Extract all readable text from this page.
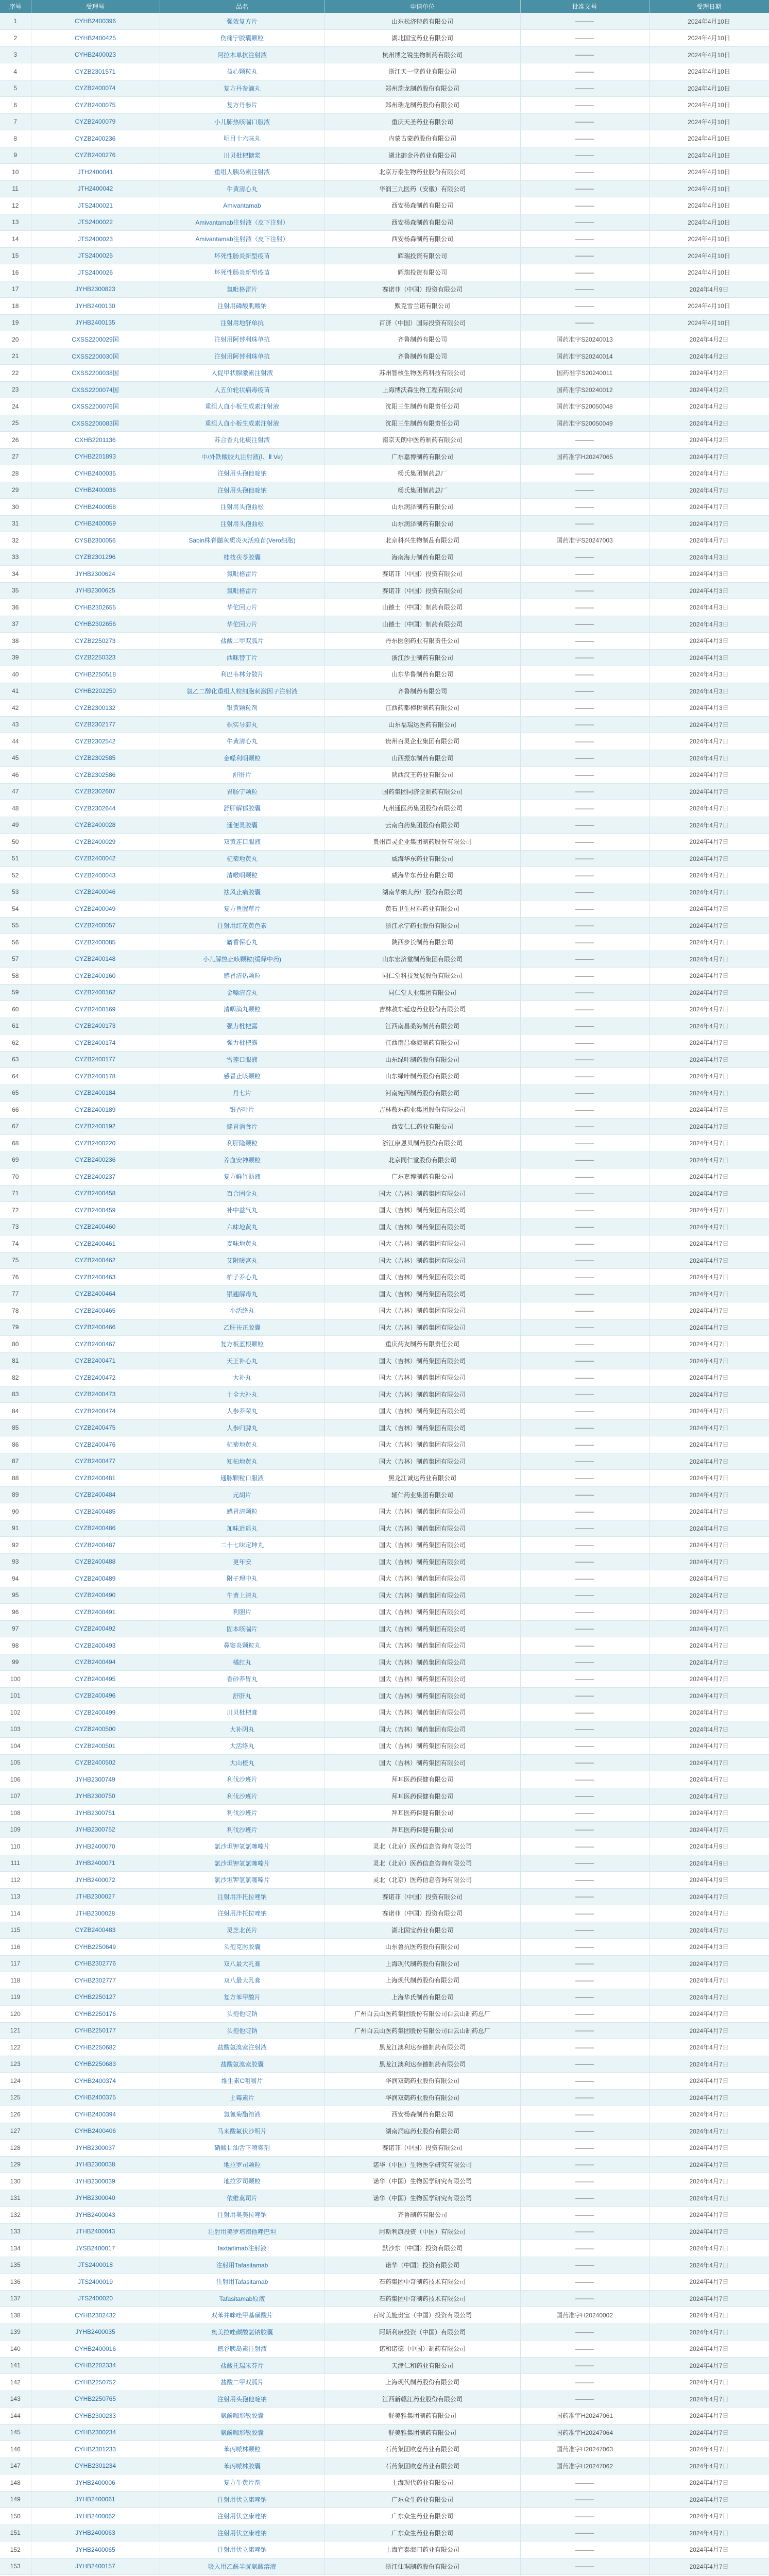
序号	受理号	品名	申请单位	批准文号	受理日期
1	CYHB2400396	强效复方片	山东松济特药有限公司	———	2024年4月10日
2	CYHB2400425	伤痛宁胶囊颗粒	湖北国宝药业有限公司	———	2024年4月10日
3	CYHB2400023	阿拉木单抗注射液	杭州博之锐生物制药有限公司	———	2024年4月10日
4	CYZB2301571	益心颗粒丸	浙江天一堂药业有限公司	———	2024年4月10日
5	CYZB2400074	复方丹参滴丸	郑州瑞龙制药股份有限公司	———	2024年4月10日
6	CYZB2400075	复方丹参片	郑州瑞龙制药股份有限公司	———	2024年4月10日
7	CYZB2400079	小儿肺热咳喘口服液	重庆天圣药业有限公司	———	2024年4月10日
8	CYZB2400236	明目十六味丸	内蒙古蒙药股份有限公司	———	2024年4月10日
9	CYZB2400276	川贝枇杷糖浆	湖北御金丹药业有限公司	———	2024年4月10日
10	JTH2400041	重组人胰岛素注射液	北京万泰生物药业股份有限公司	———	2024年4月10日
11	JTH2400042	牛黄清心丸	华润三九医药（安徽）有限公司	———	2024年4月10日
12	JTS2400021	Amivantamab	西安杨森制药有限公司	———	2024年4月10日
13	JTS2400022	Amivantamab注射液（皮下注射）	西安杨森制药有限公司	———	2024年4月10日
14	JTS2400023	Amivantamab注射液（皮下注射）	西安杨森制药有限公司	———	2024年4月10日
15	JTS2400025	坏死性肠炎新型疫苗	辉瑞投资有限公司	———	2024年4月10日
16	JTS2400026	坏死性肠炎新型疫苗	辉瑞投资有限公司	———	2024年4月10日
17	JYHB2300823	氯吡格雷片	赛诺菲（中国）投资有限公司	———	2024年4月9日
18	JYHB2400130	注射用磷酸肌酸钠	默克雪兰诺有限公司	———	2024年4月10日
19	JYHB2400135	注射用地舒单抗	百济（中国）国际投资有限公司	———	2024年4月10日
20	CXSS2200029国	注射用阿替利珠单抗	齐鲁制药有限公司	国药准字S20240013	2024年4月2日
21	CXSS2200030国	注射用阿替利珠单抗	齐鲁制药有限公司	国药准字S20240014	2024年4月2日
22	CXSS2200038国	人促甲状腺激素注射液	苏州智核生物医药科技有限公司	国药准字S20240011	2024年4月2日
23	CXSS2200074国	人五价轮状病毒疫苗	上海博沃森生物工程有限公司	国药准字S20240012	2024年4月2日
24	CXSS2200076国	重组人血小板生成素注射液	沈阳三生制药有限责任公司	国药准字S20050048	2024年4月2日
25	CXSS2200083国	重组人血小板生成素注射液	沈阳三生制药有限责任公司	国药准字S20050049	2024年4月2日
26	CXHB2201136	苏合香丸化痰注射液	南京天朗中医药制药有限公司	———	2024年4月2日
27	CYHB2201893	中/外铁酸胶丸注射液(Ⅰ、Ⅱ Ve)	广东嘉博制药有限公司	国药准字H20247065	2024年4月7日
28	CYHB2400035	注射用头孢他啶钠	杨氏集团制药总厂	———	2024年4月7日
29	CYHB2400036	注射用头孢他啶钠	杨氏集团制药总厂	———	2024年4月7日
30	CYHB2400058	注射用头孢曲松	山东润泽制药有限公司	———	2024年4月7日
31	CYHB2400059	注射用头孢曲松	山东润泽制药有限公司	———	2024年4月7日
32	CYSB2300056	Sabin株脊髓灰质炎灭活疫苗(Vero细胞)	北京科兴生物制品有限公司	国药准字S20247003	2024年4月7日
33	CYZB2301296	桂枝茯苓胶囊	海南海力制药有限公司	———	2024年4月3日
34	JYHB2300624	氯吡格雷片	赛诺菲（中国）投资有限公司	———	2024年4月3日
35	JYHB2300625	氯吡格雷片	赛诺菲（中国）投资有限公司	———	2024年4月3日
36	CYHB2302655	华佗回力片	山德士（中国）制药有限公司	———	2024年4月3日
37	CYHB2302656	华佗回力片	山德士（中国）制药有限公司	———	2024年4月3日
38	CYZB2250273	盐酸二甲双胍片	丹东医创药业有限责任公司	———	2024年4月3日
39	CYZB2250323	西咪替丁片	浙江沙士制药有限公司	———	2024年4月3日
40	CYHB2250518	利巴韦林分散片	山东华鲁制药有限公司	———	2024年4月3日
41	CYHB2202250	氨乙二醇化重组人粒细胞刺激因子注射液	齐鲁制药有限公司	———	2024年4月3日
42	CYZB2300132	银黄颗粒剂	江西药都樟树制药有限公司	———	2024年4月3日
43	CYZB2302177	枳实导滞丸	山东福瑞达医药有限公司	———	2024年4月7日
44	CYZB2302542	牛黄清心丸	贵州百灵企业集团有限公司	———	2024年4月7日
45	CYZB2302585	金嗓利咽颗粒	山西振东制药有限公司	———	2024年4月7日
46	CYZB2302586	舒肝片	陕西汉王药业有限公司	———	2024年4月7日
47	CYZB2302607	胃肠宁颗粒	国药集团同济堂制药有限公司	———	2024年4月7日
48	CYZB2302644	舒肝解郁胶囊	九州通医药集团股份有限公司	———	2024年4月7日
49	CYZB2400028	通便灵胶囊	云南白药集团股份有限公司	———	2024年4月7日
50	CYZB2400029	双黄连口服液	贵州百灵企业集团制药股份有限公司	———	2024年4月7日
51	CYZB2400042	杞菊地黄丸	威海华东药业有限公司	———	2024年4月7日
52	CYZB2400043	清喉咽颗粒	威海华东药业有限公司	———	2024年4月7日
53	CYZB2400046	祛风止痛胶囊	湖南华纳大药厂股份有限公司	———	2024年4月7日
54	CYZB2400049	复方鱼腥草片	黄石卫生材料药业有限公司	———	2024年4月7日
55	CYZB2400057	注射用红花黄色素	浙江永宁药业股份有限公司	———	2024年4月7日
56	CYZB2400085	麝香保心丸	陕西步长制药有限公司	———	2024年4月7日
57	CYZB2400148	小儿解热止咳颗粒(缓释中药)	山东宏济堂制药集团有限公司	———	2024年4月7日
58	CYZB2400160	感冒清热颗粒	同仁堂科技发展股份有限公司	———	2024年4月7日
59	CYZB2400162	金嗓清音丸	同仁堂人业集团有限公司	———	2024年4月7日
60	CYZB2400169	清咽滴丸颗粒	吉林敖东延边药业股份有限公司	———	2024年4月7日
61	CYZB2400173	强力枇杷露	江西南昌桑海制药有限公司	———	2024年4月7日
62	CYZB2400174	强力枇杷露	江西南昌桑海制药有限公司	———	2024年4月7日
63	CYZB2400177	雪莲口服液	山东绿叶制药股份有限公司	———	2024年4月7日
64	CYZB2400178	感冒止咳颗粒	山东绿叶制药股份有限公司	———	2024年4月7日
65	CYZB2400184	丹七片	河南宛西制药股份有限公司	———	2024年4月7日
66	CYZB2400189	银杏叶片	吉林敖东药业集团股份有限公司	———	2024年4月7日
67	CYZB2400192	健胃消食片	西安仁仁药业有限公司	———	2024年4月7日
68	CYZB2400220	利肝隆颗粒	浙江康恩贝制药股份有限公司	———	2024年4月7日
69	CYZB2400236	养血安神颗粒	北京同仁堂股份有限公司	———	2024年4月7日
70	CYZB2400237	复方鲜竹沥液	广东嘉博制药有限公司	———	2024年4月7日
71	CYZB2400458	百合固金丸	国大（吉林）制药集团有限公司	———	2024年4月7日
72	CYZB2400459	补中益气丸	国大（吉林）制药集团有限公司	———	2024年4月7日
73	CYZB2400460	六味地黄丸	国大（吉林）制药集团有限公司	———	2024年4月7日
74	CYZB2400461	麦味地黄丸	国大（吉林）制药集团有限公司	———	2024年4月7日
75	CYZB2400462	艾附暖宫丸	国大（吉林）制药集团有限公司	———	2024年4月7日
76	CYZB2400463	柏子养心丸	国大（吉林）制药集团有限公司	———	2024年4月7日
77	CYZB2400464	银翘解毒丸	国大（吉林）制药集团有限公司	———	2024年4月7日
78	CYZB2400465	小活络丸	国大（吉林）制药集团有限公司	———	2024年4月7日
79	CYZB2400466	乙肝扶正胶囊	国大（吉林）制药集团有限公司	———	2024年4月7日
80	CYZB2400467	复方板蓝根颗粒	重庆药友制药有限责任公司	———	2024年4月7日
81	CYZB2400471	天王补心丸	国大（吉林）制药集团有限公司	———	2024年4月7日
82	CYZB2400472	大补丸	国大（吉林）制药集团有限公司	———	2024年4月7日
83	CYZB2400473	十全大补丸	国大（吉林）制药集团有限公司	———	2024年4月7日
84	CYZB2400474	人参养荣丸	国大（吉林）制药集团有限公司	———	2024年4月7日
85	CYZB2400475	人参归脾丸	国大（吉林）制药集团有限公司	———	2024年4月7日
86	CYZB2400476	杞菊地黄丸	国大（吉林）制药集团有限公司	———	2024年4月7日
87	CYZB2400477	知柏地黄丸	国大（吉林）制药集团有限公司	———	2024年4月7日
88	CYZB2400481	通脉颗粒口服液	黑龙江诚达药业有限公司	———	2024年4月7日
89	CYZB2400484	元胡片	辅仁药业集团有限公司	———	2024年4月7日
90	CYZB2400485	感冒清颗粒	国大（吉林）制药集团有限公司	———	2024年4月7日
91	CYZB2400486	加味逍遥丸	国大（吉林）制药集团有限公司	———	2024年4月7日
92	CYZB2400487	二十七味定坤丸	国大（吉林）制药集团有限公司	———	2024年4月7日
93	CYZB2400488	更年安	国大（吉林）制药集团有限公司	———	2024年4月7日
94	CYZB2400489	附子理中丸	国大（吉林）制药集团有限公司	———	2024年4月7日
95	CYZB2400490	牛黄上清丸	国大（吉林）制药集团有限公司	———	2024年4月7日
96	CYZB2400491	利胆片	国大（吉林）制药集团有限公司	———	2024年4月7日
97	CYZB2400492	固本咳喘片	国大（吉林）制药集团有限公司	———	2024年4月7日
98	CYZB2400493	鼻窦炎颗粒丸	国大（吉林）制药集团有限公司	———	2024年4月7日
99	CYZB2400494	橘红丸	国大（吉林）制药集团有限公司	———	2024年4月7日
100	CYZB2400495	香砂养胃丸	国大（吉林）制药集团有限公司	———	2024年4月7日
101	CYZB2400496	舒肝丸	国大（吉林）制药集团有限公司	———	2024年4月7日
102	CYZB2400499	川贝枇杷膏	国大（吉林）制药集团有限公司	———	2024年4月7日
103	CYZB2400500	大补阴丸	国大（吉林）制药集团有限公司	———	2024年4月7日
104	CYZB2400501	大活络丸	国大（吉林）制药集团有限公司	———	2024年4月7日
105	CYZB2400502	大山楂丸	国大（吉林）制药集团有限公司	———	2024年4月7日
106	JYHB2300749	利伐沙班片	拜耳医药保健有限公司	———	2024年4月7日
107	JYHB2300750	利伐沙班片	拜耳医药保健有限公司	———	2024年4月7日
108	JYHB2300751	利伐沙班片	拜耳医药保健有限公司	———	2024年4月7日
109	JYHB2300752	利伐沙班片	拜耳医药保健有限公司	———	2024年4月7日
110	JYHB2400070	氯沙坦钾氢氯噻嗪片	灵北（北京）医药信息咨询有限公司	———	2024年4月9日
111	JYHB2400071	氯沙坦钾氢氯噻嗪片	灵北（北京）医药信息咨询有限公司	———	2024年4月9日
112	JYHB2400072	氯沙坦钾氢氯噻嗪片	灵北（北京）医药信息咨询有限公司	———	2024年4月9日
113	JTHB2300027	注射用泮托拉唑钠	赛诺菲（中国）投资有限公司	———	2024年4月7日
114	JTHB2300028	注射用泮托拉唑钠	赛诺菲（中国）投资有限公司	———	2024年4月7日
115	CYZB2400483	灵芝北芪片	湖北国宝药业有限公司	———	2024年4月7日
116	CYHB2250649	头孢克肟胶囊	山东鲁抗医药股份有限公司	———	2024年4月3日
117	CYHB2302776	双八最大乳膏	上海现代制药股份有限公司	———	2024年4月7日
118	CYHB2302777	双八最大乳膏	上海现代制药股份有限公司	———	2024年4月7日
119	CYHB2250127	复方苯甲酸片	上海华氏制药有限公司	———	2024年4月7日
120	CYHB2250176	头孢他啶钠	广州白云山医药集团股份有限公司白云山制药总厂	———	2024年4月7日
121	CYHB2250177	头孢他啶钠	广州白云山医药集团股份有限公司白云山制药总厂	———	2024年4月7日
122	CYHB2250682	盐酸氨溴索注射液	黑龙江澳利达奈德制药有限公司	———	2024年4月7日
123	CYHB2250683	盐酸氨溴索胶囊	黑龙江澳利达奈德制药有限公司	———	2024年4月7日
124	CYHB2400374	维生素C咀嚼片	华润双鹤药业股份有限公司	———	2024年4月7日
125	CYHB2400375	土霉素片	华润双鹤药业股份有限公司	———	2024年4月7日
126	CYHB2400394	氯氰菊酯溶液	西安杨森制药有限公司	———	2024年4月7日
127	CYHB2400406	马来酸氟伏沙明片	湖南洞庭药业股份有限公司	———	2024年4月7日
128	JYHB2300037	硝酸甘油舌下喷雾剂	赛诺菲（中国）投资有限公司	———	2024年4月7日
129	JYHB2300038	地拉罗司颗粒	诺华（中国）生物医学研究有限公司	———	2024年4月7日
130	JYHB2300039	地拉罗司颗粒	诺华（中国）生物医学研究有限公司	———	2024年4月7日
131	JYHB2300040	依维莫司片	诺华（中国）生物医学研究有限公司	———	2024年4月7日
132	JYHB2400043	注射用奥美拉唑钠	齐鲁制药有限公司	———	2024年4月7日
133	JTHB2400043	注射用美罗培南他唑巴坦	阿斯利康投资（中国）有限公司	———	2024年4月7日
134	JYSB2400017	faxtarlimab注射液	默沙东（中国）投资有限公司	———	2024年4月7日
135	JTS2400018	注射用Tafasitamab	诺华（中国）投资有限公司	———	2024年4月7日
136	JTS2400019	注射用Tafasitamab	石药集团中奇制药技术有限公司	———	2024年4月7日
137	JTS2400020	Tafasitamab原液	石药集团中奇制药技术有限公司	———	2024年4月7日
138	CYHB2302432	双苯并咪唑甲基磺酸片	百时美施贵宝（中国）投资有限公司	国药准字H20240002	2024年4月7日
139	JYHB2400035	奥美拉唑碳酸氢钠胶囊	阿斯利康投资（中国）有限公司	———	2024年4月7日
140	CYHB2400016	德谷胰岛素注射液	诺和诺德（中国）制药有限公司	———	2024年4月7日
141	CYHB2202334	盐酸托瑞米芬片	天津仁和药业有限公司	———	2024年4月7日
142	CYHB2250752	盐酸二甲双胍片	上海现代制药股份有限公司	———	2024年4月7日
143	CYHB2250765	注射用头孢他啶钠	江西新赣江药业股份有限公司	———	2024年4月7日
144	CYHB2300233	氨酚咖那敏胶囊	舒美雅集团制药有限公司	国药准字H20247061	2024年4月7日
145	CYHB2300234	氨酚咖那敏胶囊	舒美雅集团制药有限公司	国药准字H20247064	2024年4月7日
146	CYHB2301233	苯丙哌林颗粒	石药集团欧意药业有限公司	国药准字H20247063	2024年4月7日
147	CYHB2301234	苯丙哌林胶囊	石药集团欧意药业有限公司	国药准字H20247062	2024年4月7日
148	JYHB2400006	复方牛黄片剂	上海现代药业有限公司	———	2024年4月7日
149	JYHB2400061	注射用伏立康唑钠	广东众生药业有限公司	———	2024年4月7日
150	JYHB2400062	注射用伏立康唑钠	广东众生药业有限公司	———	2024年4月7日
151	JYHB2400063	注射用伏立康唑钠	广东众生药业有限公司	———	2024年4月7日
152	JYHB2400065	注射用伏立康唑钠	上海宣泰海门药业有限公司	———	2024年4月7日
153	JYHB2400157	吸入用乙酰半胱氨酸溶液	浙江仙琚制药股份有限公司	———	2024年4月7日
